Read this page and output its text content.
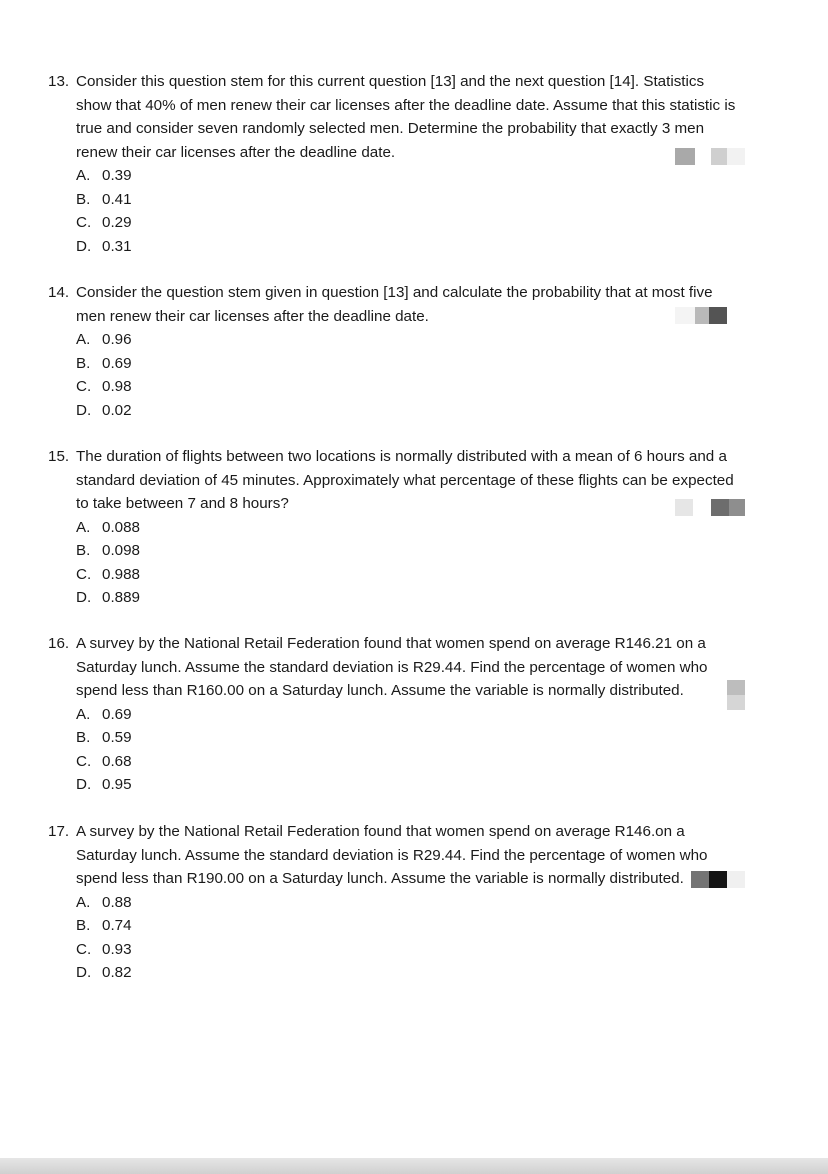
13. Consider this question stem for this current question [13] and the next question [14]. Statistics show that 40% of men renew their car licenses after the deadline date. Assume that this statistic is true and consider seven randomly selected men. Determine the probability that exactly 3 men renew their car licenses after the deadline date.
A. 0.39
B. 0.41
C. 0.29
D. 0.31
14. Consider the question stem given in question [13] and calculate the probability that at most five men renew their car licenses after the deadline date.
A. 0.96
B. 0.69
C. 0.98
D. 0.02
15. The duration of flights between two locations is normally distributed with a mean of 6 hours and a standard deviation of 45 minutes. Approximately what percentage of these flights can be expected to take between 7 and 8 hours?
A. 0.088
B. 0.098
C. 0.988
D. 0.889
16. A survey by the National Retail Federation found that women spend on average R146.21 on a Saturday lunch. Assume the standard deviation is R29.44. Find the percentage of women who spend less than R160.00 on a Saturday lunch. Assume the variable is normally distributed.
A. 0.69
B. 0.59
C. 0.68
D. 0.95
17. A survey by the National Retail Federation found that women spend on average R146.on a Saturday lunch. Assume the standard deviation is R29.44. Find the percentage of women who spend less than R190.00 on a Saturday lunch. Assume the variable is normally distributed.
A. 0.88
B. 0.74
C. 0.93
D. 0.82
